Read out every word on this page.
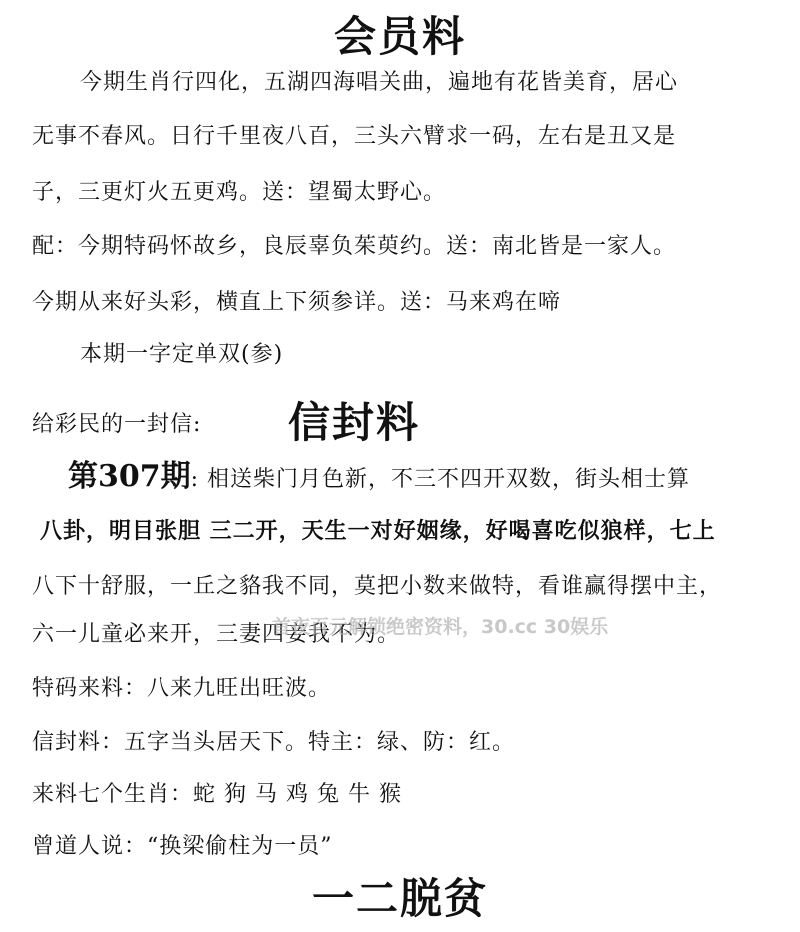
会员料
今期生肖行四化，五湖四海唱关曲，遍地有花皆美育，居心
无事不春风。日行千里夜八百，三头六臂求一码，左右是丑又是
子，三更灯火五更鸡。送：望蜀太野心。
配：今期特码怀故乡，良辰辜负茱萸约。送：南北皆是一家人。
今期从来好头彩，横直上下须参详。送：马来鸡在啼
本期一字定单双(参)
给彩民的一封信: 信封料
第307期: 相送柴门月色新，不三不四开双数，街头相士算
八卦，明目张胆 三二开，天生一对好姻缘，好喝喜吃似狼样，七上
八下十舒服，一丘之貉我不同，莫把小数来做特，看谁赢得摆中主，
六一儿童必来开，三妻四妾我不为。
特码来料：八来九旺出旺波。
信封料：五字当头居天下。特主：绿、防：红。
来料七个生肖：蛇 狗 马 鸡 兔 牛 猴
曾道人说：“换梁偷柱为一员”
一二脱贫
首夜百元解锁绝密资料，30.cc 30娱乐
